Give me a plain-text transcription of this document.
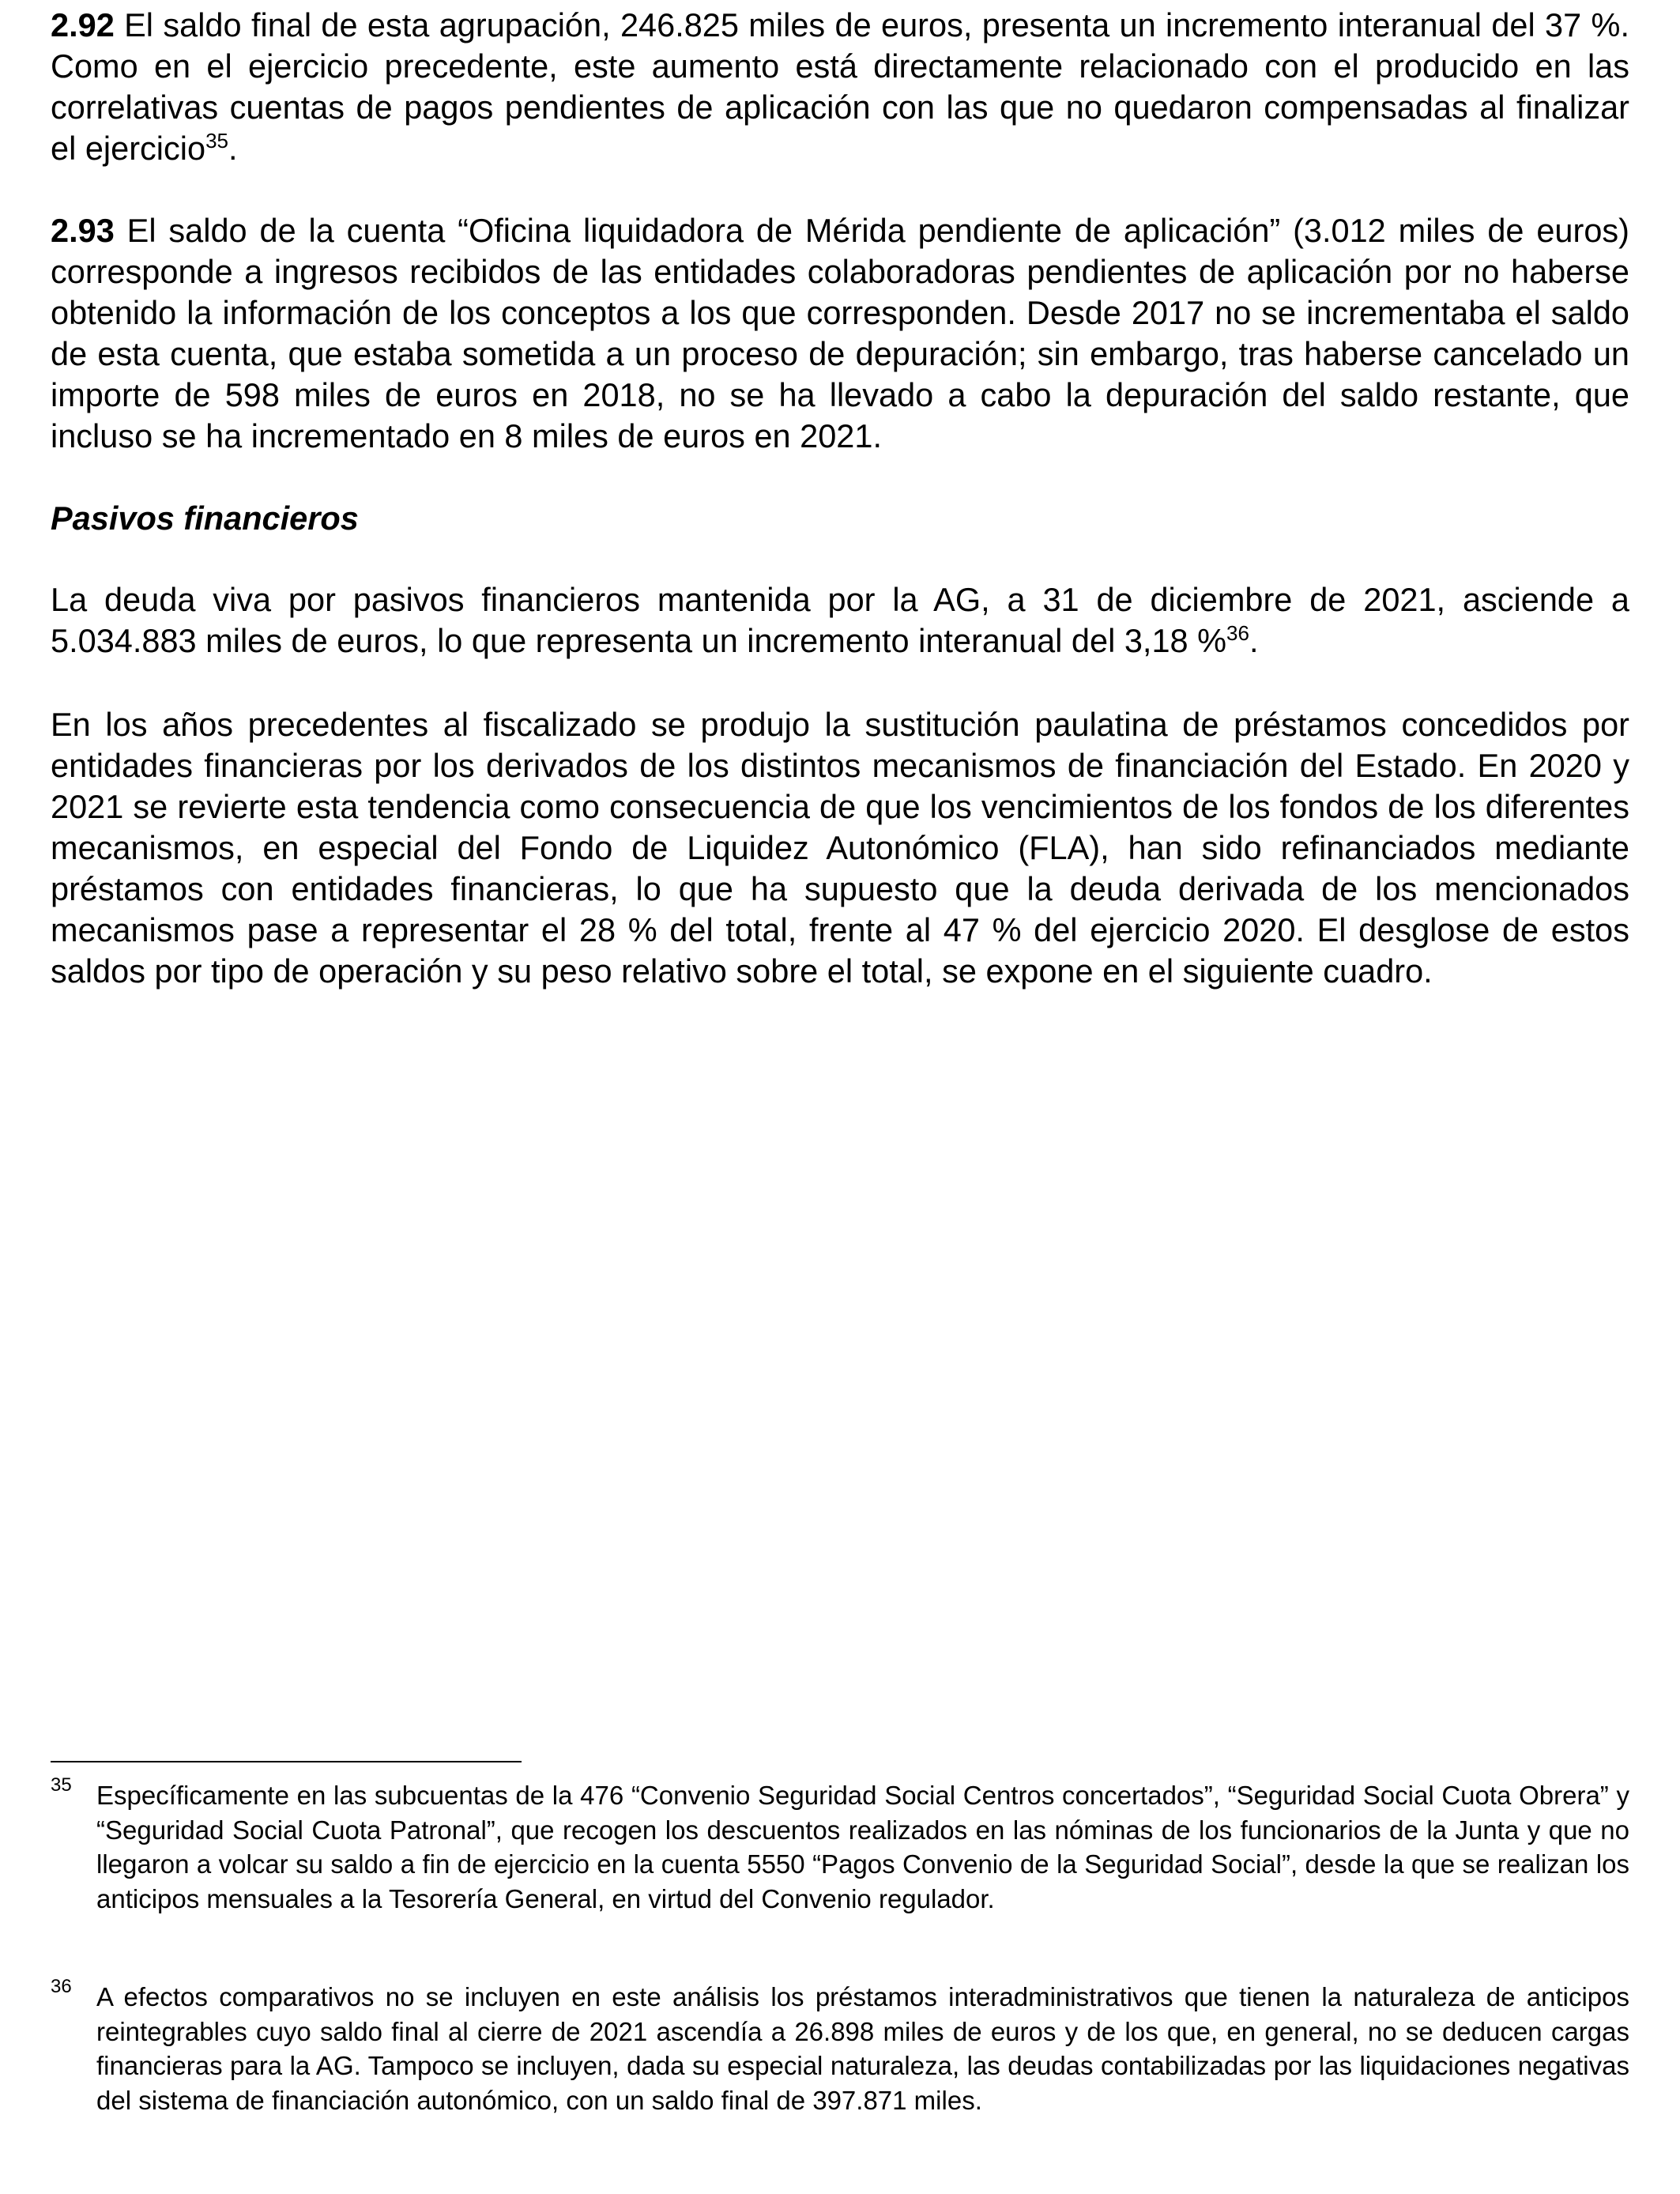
2.92 El saldo final de esta agrupación, 246.825 miles de euros, presenta un incremento interanual del 37 %. Como en el ejercicio precedente, este aumento está directamente relacionado con el producido en las correlativas cuentas de pagos pendientes de aplicación con las que no quedaron compensadas al finalizar el ejercicio$^{35}$.

2.93 El saldo de la cuenta “Oficina liquidadora de Mérida pendiente de aplicación” (3.012 miles de euros) corresponde a ingresos recibidos de las entidades colaboradoras pendientes de aplicación por no haberse obtenido la información de los conceptos a los que corresponden. Desde 2017 no se incrementaba el saldo de esta cuenta, que estaba sometida a un proceso de depuración; sin embargo, tras haberse cancelado un importe de 598 miles de euros en 2018, no se ha llevado a cabo la depuración del saldo restante, que incluso se ha incrementado en 8 miles de euros en 2021.

Pasivos financieros

La deuda viva por pasivos financieros mantenida por la AG, a 31 de diciembre de 2021, asciende a 5.034.883 miles de euros, lo que representa un incremento interanual del 3,18 %$^{36}$.

En los años precedentes al fiscalizado se produjo la sustitución paulatina de préstamos concedidos por entidades financieras por los derivados de los distintos mecanismos de financiación del Estado. En 2020 y 2021 se revierte esta tendencia como consecuencia de que los vencimientos de los fondos de los diferentes mecanismos, en especial del Fondo de Liquidez Autonómico (FLA), han sido refinanciados mediante préstamos con entidades financieras, lo que ha supuesto que la deuda derivada de los mencionados mecanismos pase a representar el 28 % del total, frente al 47 % del ejercicio 2020. El desglose de estos saldos por tipo de operación y su peso relativo sobre el total, se expone en el siguiente cuadro.

35 Específicamente en las subcuentas de la 476 “Convenio Seguridad Social Centros concertados”, “Seguridad Social Cuota Obrera” y “Seguridad Social Cuota Patronal”, que recogen los descuentos realizados en las nóminas de los funcionarios de la Junta y que no llegaron a volcar su saldo a fin de ejercicio en la cuenta 5550 “Pagos Convenio de la Seguridad Social”, desde la que se realizan los anticipos mensuales a la Tesorería General, en virtud del Convenio regulador.
36 A efectos comparativos no se incluyen en este análisis los préstamos interadministrativos que tienen la naturaleza de anticipos reintegrables cuyo saldo final al cierre de 2021 ascendía a 26.898 miles de euros y de los que, en general, no se deducen cargas financieras para la AG. Tampoco se incluyen, dada su especial naturaleza, las deudas contabilizadas por las liquidaciones negativas del sistema de financiación autonómico, con un saldo final de 397.871 miles.
